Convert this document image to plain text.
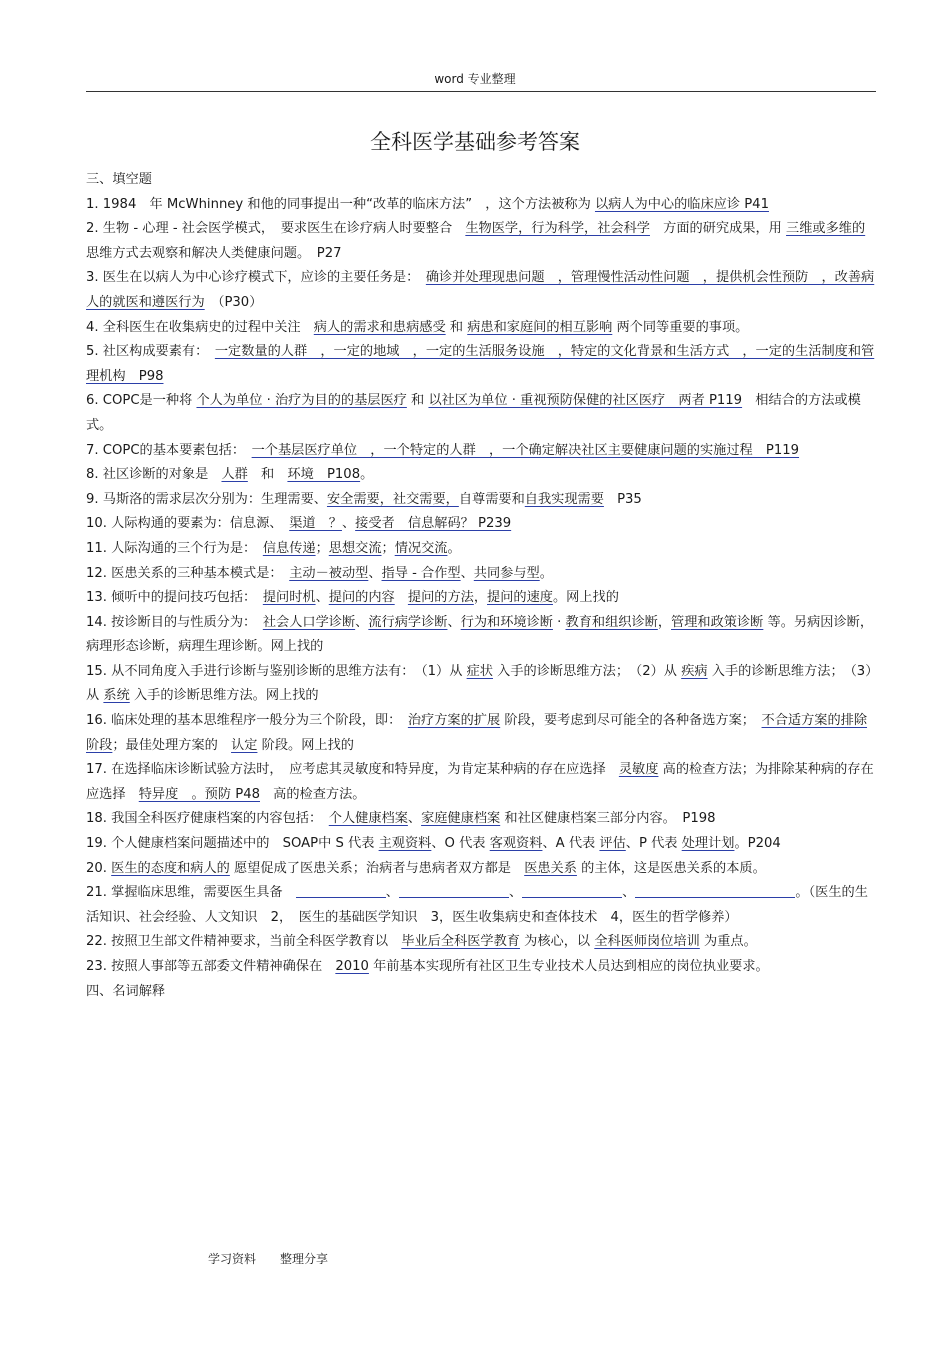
word 专业整理
全科医学基础参考答案

三、填空题

1. 1984　年 McWhinney 和他的同事提出一种“改革的临床方法”　，这个方法被称为 以病人为中心的临床应诊 P41

2. 生物 - 心理 - 社会医学模式，　要求医生在诊疗病人时要整合　生物医学，行为科学，社会科学　方面的研究成果，用 三维或多维的思维方式去观察和解决人类健康问题。　P27

3. 医生在以病人为中心诊疗模式下，应诊的主要任务是：　确诊并处理现患问题　，管理慢性活动性问题　，提供机会性预防　，改善病人的就医和遵医行为　（P30）

4. 全科医生在收集病史的过程中关注　病人的需求和患病感受 和 病患和家庭间的相互影响 两个同等重要的事项。

5. 社区构成要素有：　一定数量的人群　，一定的地域　，一定的生活服务设施　，特定的文化背景和生活方式　，一定的生活制度和管理机构　P98

6. COPC是一种将 个人为单位 · 治疗为目的的基层医疗 和 以社区为单位 · 重视预防保健的社区医疗　两者 P119　相结合的方法或模式。

7. COPC的基本要素包括：　一个基层医疗单位　，一个特定的人群　，一个确定解决社区主要健康问题的实施过程　P119

8. 社区诊断的对象是　人群　和　环境　P108。

9. 马斯洛的需求层次分别为：生理需要、安全需要，社交需要，自尊需要和自我实现需要　P35

10. 人际构通的要素为：信息源、　渠道　？、接受者　信息解码？ P239

11. 人际沟通的三个行为是：　信息传递；思想交流；情况交流。

12. 医患关系的三种基本模式是：　主动－被动型、指导 - 合作型、共同参与型。

13. 倾听中的提问技巧包括：　提问时机、提问的内容　 提问的方法，提问的速度。网上找的

14. 按诊断目的与性质分为：　社会人口学诊断、流行病学诊断、行为和环境诊断 · 教育和组织诊断，管理和政策诊断 等。另病因诊断，病理形态诊断，病理生理诊断。网上找的

15. 从不同角度入手进行诊断与鉴别诊断的思维方法有：　（1）从 症状 入手的诊断思维方法；　（2）从 疾病 入手的诊断思维方法；　（3）从 系统 入手的诊断思维方法。网上找的

16. 临床处理的基本思维程序一般分为三个阶段，即：　治疗方案的扩展 阶段，要考虑到尽可能全的各种备选方案；　不合适方案的排除阶段；最佳处理方案的　认定 阶段。网上找的

17. 在选择临床诊断试验方法时，　应考虑其灵敏度和特异度，为肯定某种病的存在应选择　灵敏度 高的检查方法；为排除某种病的存在应选择　特异度　。预防 P48　高的检查方法。

18. 我国全科医疗健康档案的内容包括：　个人健康档案、家庭健康档案 和社区健康档案三部分内容。　P198

19. 个人健康档案问题描述中的　SOAP中 S 代表 主观资料、O 代表 客观资料、A 代表 评估、P 代表 处理计划。P204

20. 医生的态度和病人的 愿望促成了医患关系；治病者与患病者双方都是　医患关系 的主体，这是医患关系的本质。

21. 掌握临床思维，需要医生具备　	、	、	、	。（医生的生活知识、社会经验、人文知识　2，　医生的基础医学知识　3，医生收集病史和查体技术　4，医生的哲学修养）

22. 按照卫生部文件精神要求，当前全科医学教育以　毕业后全科医学教育 为核心，以 全科医师岗位培训 为重点。

23. 按照人事部等五部委文件精神确保在　2010 年前基本实现所有社区卫生专业技术人员达到相应的岗位执业要求。

四、名词解释

学习资料　　整理分享
